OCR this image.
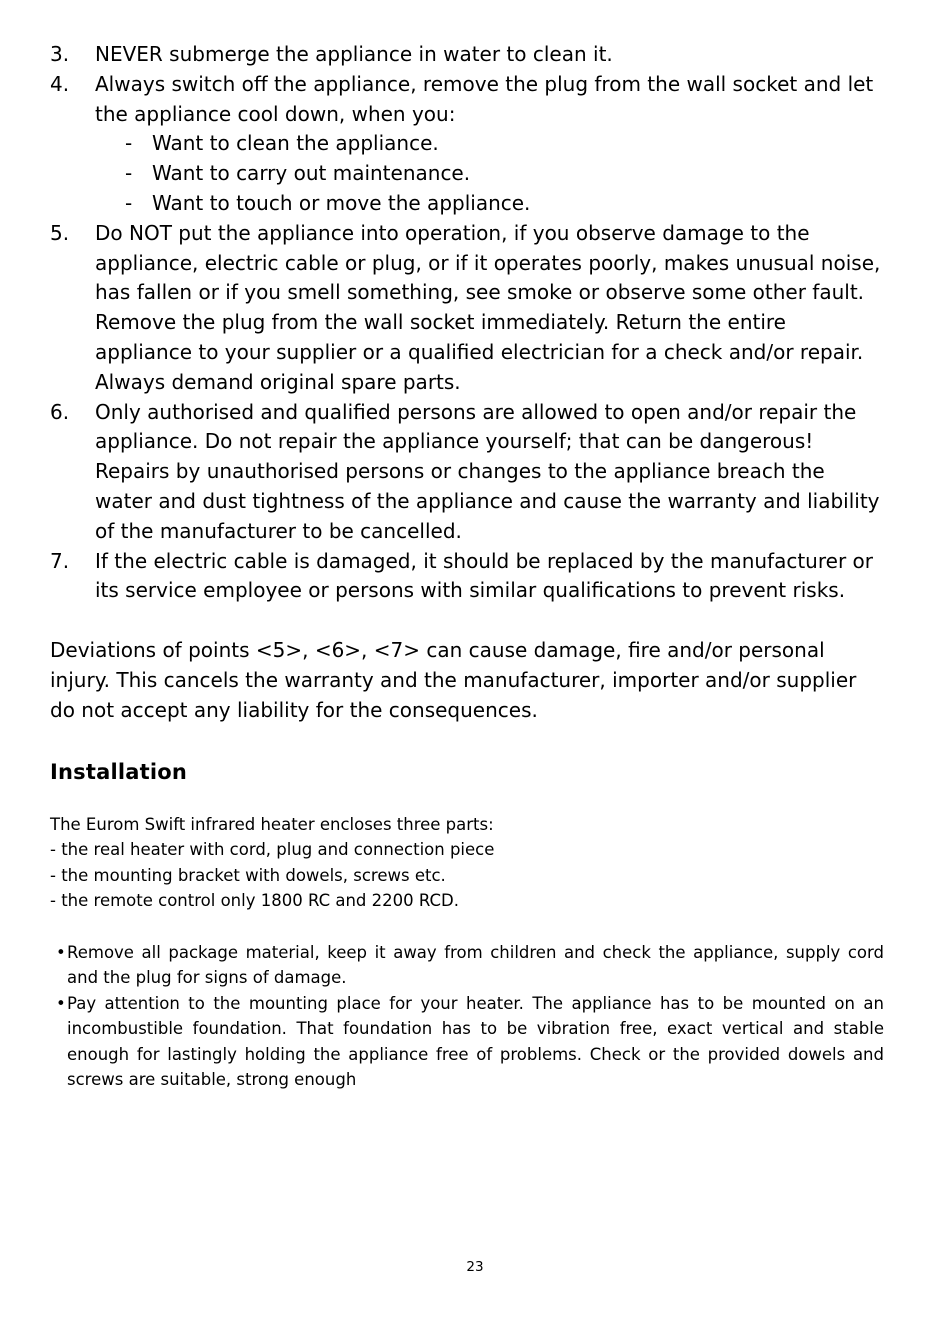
3.	NEVER submerge the appliance in water to clean it.
4.	Always switch off the appliance, remove the plug from the wall socket and let the appliance cool down, when you:
- Want to clean the appliance.
- Want to carry out maintenance.
- Want to touch or move the appliance.
5.	Do NOT put the appliance into operation, if you observe damage to the appliance, electric cable or plug, or if it operates poorly, makes unusual noise, has fallen or if you smell something, see smoke or observe some other fault. Remove the plug from the wall socket immediately. Return the entire appliance to your supplier or a qualified electrician for a check and/or repair. Always demand original spare parts.
6.	Only authorised and qualified persons are allowed to open and/or repair the appliance. Do not repair the appliance yourself; that can be dangerous! Repairs by unauthorised persons or changes to the appliance breach the water and dust tightness of the appliance and cause the warranty and liability of the manufacturer to be cancelled.
7.	If the electric cable is damaged, it should be replaced by the manufacturer or its service employee or persons with similar qualifications to prevent risks.
Deviations of points <5>, <6>, <7> can cause damage, fire and/or personal injury. This cancels the warranty and the manufacturer, importer and/or supplier do not accept any liability for the consequences.
Installation
The Eurom Swift infrared heater encloses three parts:
- the real heater with cord, plug and connection piece
- the mounting bracket with dowels, screws etc.
- the remote control only 1800 RC and 2200 RCD.
• Remove all package material, keep it away from children and check the appliance, supply cord and the plug for signs of damage.
• Pay attention to the mounting place for your heater. The appliance has to be mounted on an incombustible foundation. That foundation has to be vibration free, exact vertical and stable enough for lastingly holding the appliance free of problems. Check or the provided dowels and screws are suitable, strong enough
23
